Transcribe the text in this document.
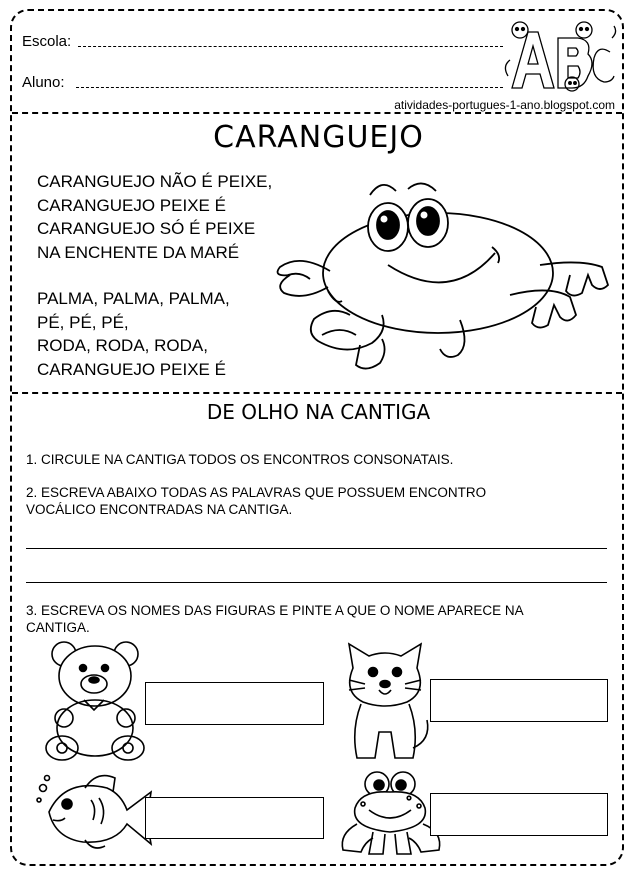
Escola:
Aluno:
atividades-portugues-1-ano.blogspot.com
CARANGUEJO
CARANGUEJO NÃO É PEIXE,
CARANGUEJO PEIXE É
CARANGUEJO SÓ É PEIXE
NA ENCHENTE DA MARÉ
PALMA, PALMA, PALMA,
PÉ, PÉ, PÉ,
RODA, RODA, RODA,
CARANGUEJO PEIXE É
DE OLHO NA CANTIGA
1. CIRCULE NA CANTIGA TODOS OS ENCONTROS CONSONATAIS.
2. ESCREVA ABAIXO TODAS AS PALAVRAS QUE POSSUEM ENCONTRO
VOCÁLICO ENCONTRADAS NA CANTIGA.
3. ESCREVA OS NOMES DAS FIGURAS E PINTE A QUE O NOME APARECE NA
CANTIGA.
